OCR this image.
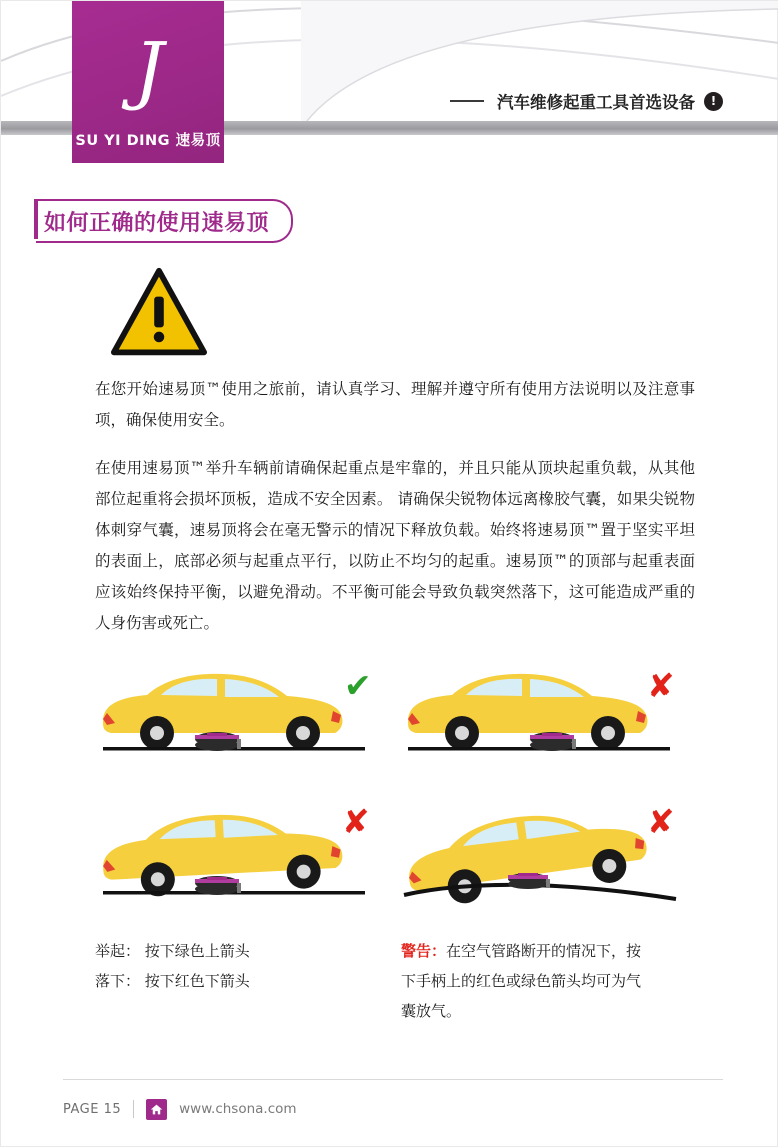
J
SU YI DING 速易顶
汽车维修起重工具首选设备	!
如何正确的使用速易顶
在您开始速易顶™使用之旅前，请认真学习、理解并遵守所有使用方法说明以及注意事项，确保使用安全。
在使用速易顶™举升车辆前请确保起重点是牢靠的，并且只能从顶块起重负载，从其他部位起重将会损坏顶板，造成不安全因素。 请确保尖锐物体远离橡胶气囊，如果尖锐物体刺穿气囊，速易顶将会在毫无警示的情况下释放负载。始终将速易顶™置于坚实平坦的表面上，底部必须与起重点平行，以防止不均匀的起重。速易顶™的顶部与起重表面应该始终保持平衡，以避免滑动。不平衡可能会导致负载突然落下，这可能造成严重的人身伤害或死亡。
✔	✘
✘	✘
举起： 按下绿色上箭头
落下： 按下红色下箭头
警告：在空气管路断开的情况下，按下手柄上的红色或绿色箭头均可为气囊放气。
PAGE 15	www.chsona.com
